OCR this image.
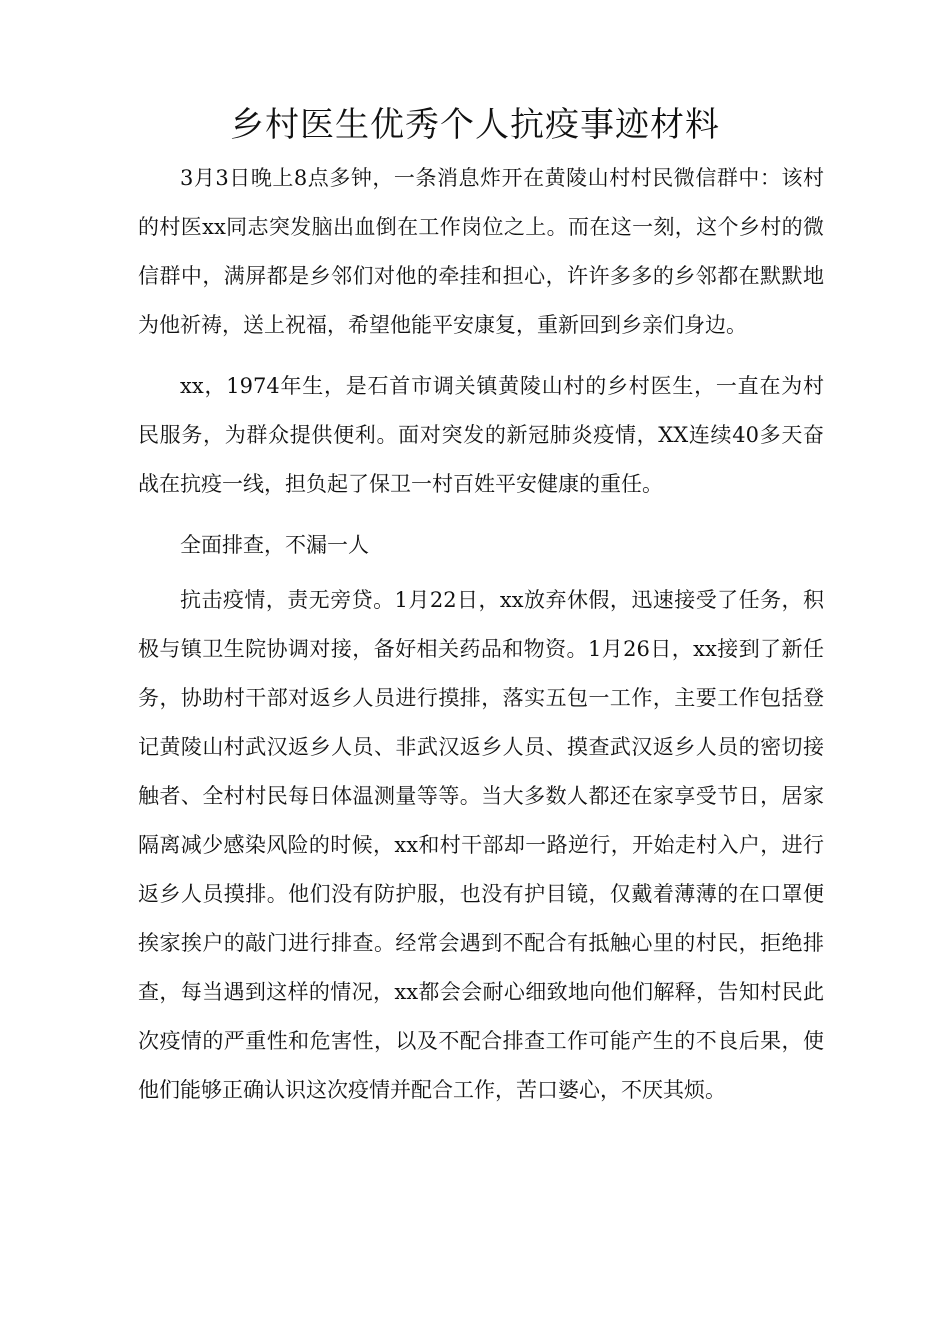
乡村医生优秀个人抗疫事迹材料

3月3日晚上8点多钟，一条消息炸开在黄陵山村村民微信群中：该村的村医xx同志突发脑出血倒在工作岗位之上。而在这一刻，这个乡村的微信群中，满屏都是乡邻们对他的牵挂和担心，许许多多的乡邻都在默默地为他祈祷，送上祝福，希望他能平安康复，重新回到乡亲们身边。

xx，1974年生，是石首市调关镇黄陵山村的乡村医生，一直在为村民服务，为群众提供便利。面对突发的新冠肺炎疫情，XX连续40多天奋战在抗疫一线，担负起了保卫一村百姓平安健康的重任。

全面排查，不漏一人

抗击疫情，责无旁贷。1月22日，xx放弃休假，迅速接受了任务，积极与镇卫生院协调对接，备好相关药品和物资。1月26日，xx接到了新任务，协助村干部对返乡人员进行摸排，落实五包一工作，主要工作包括登记黄陵山村武汉返乡人员、非武汉返乡人员、摸查武汉返乡人员的密切接触者、全村村民每日体温测量等等。当大多数人都还在家享受节日，居家隔离减少感染风险的时候，xx和村干部却一路逆行，开始走村入户，进行返乡人员摸排。他们没有防护服，也没有护目镜，仅戴着薄薄的在口罩便挨家挨户的敲门进行排查。经常会遇到不配合有抵触心里的村民，拒绝排查，每当遇到这样的情况，xx都会会耐心细致地向他们解释，告知村民此次疫情的严重性和危害性，以及不配合排查工作可能产生的不良后果，使他们能够正确认识这次疫情并配合工作，苦口婆心，不厌其烦。
